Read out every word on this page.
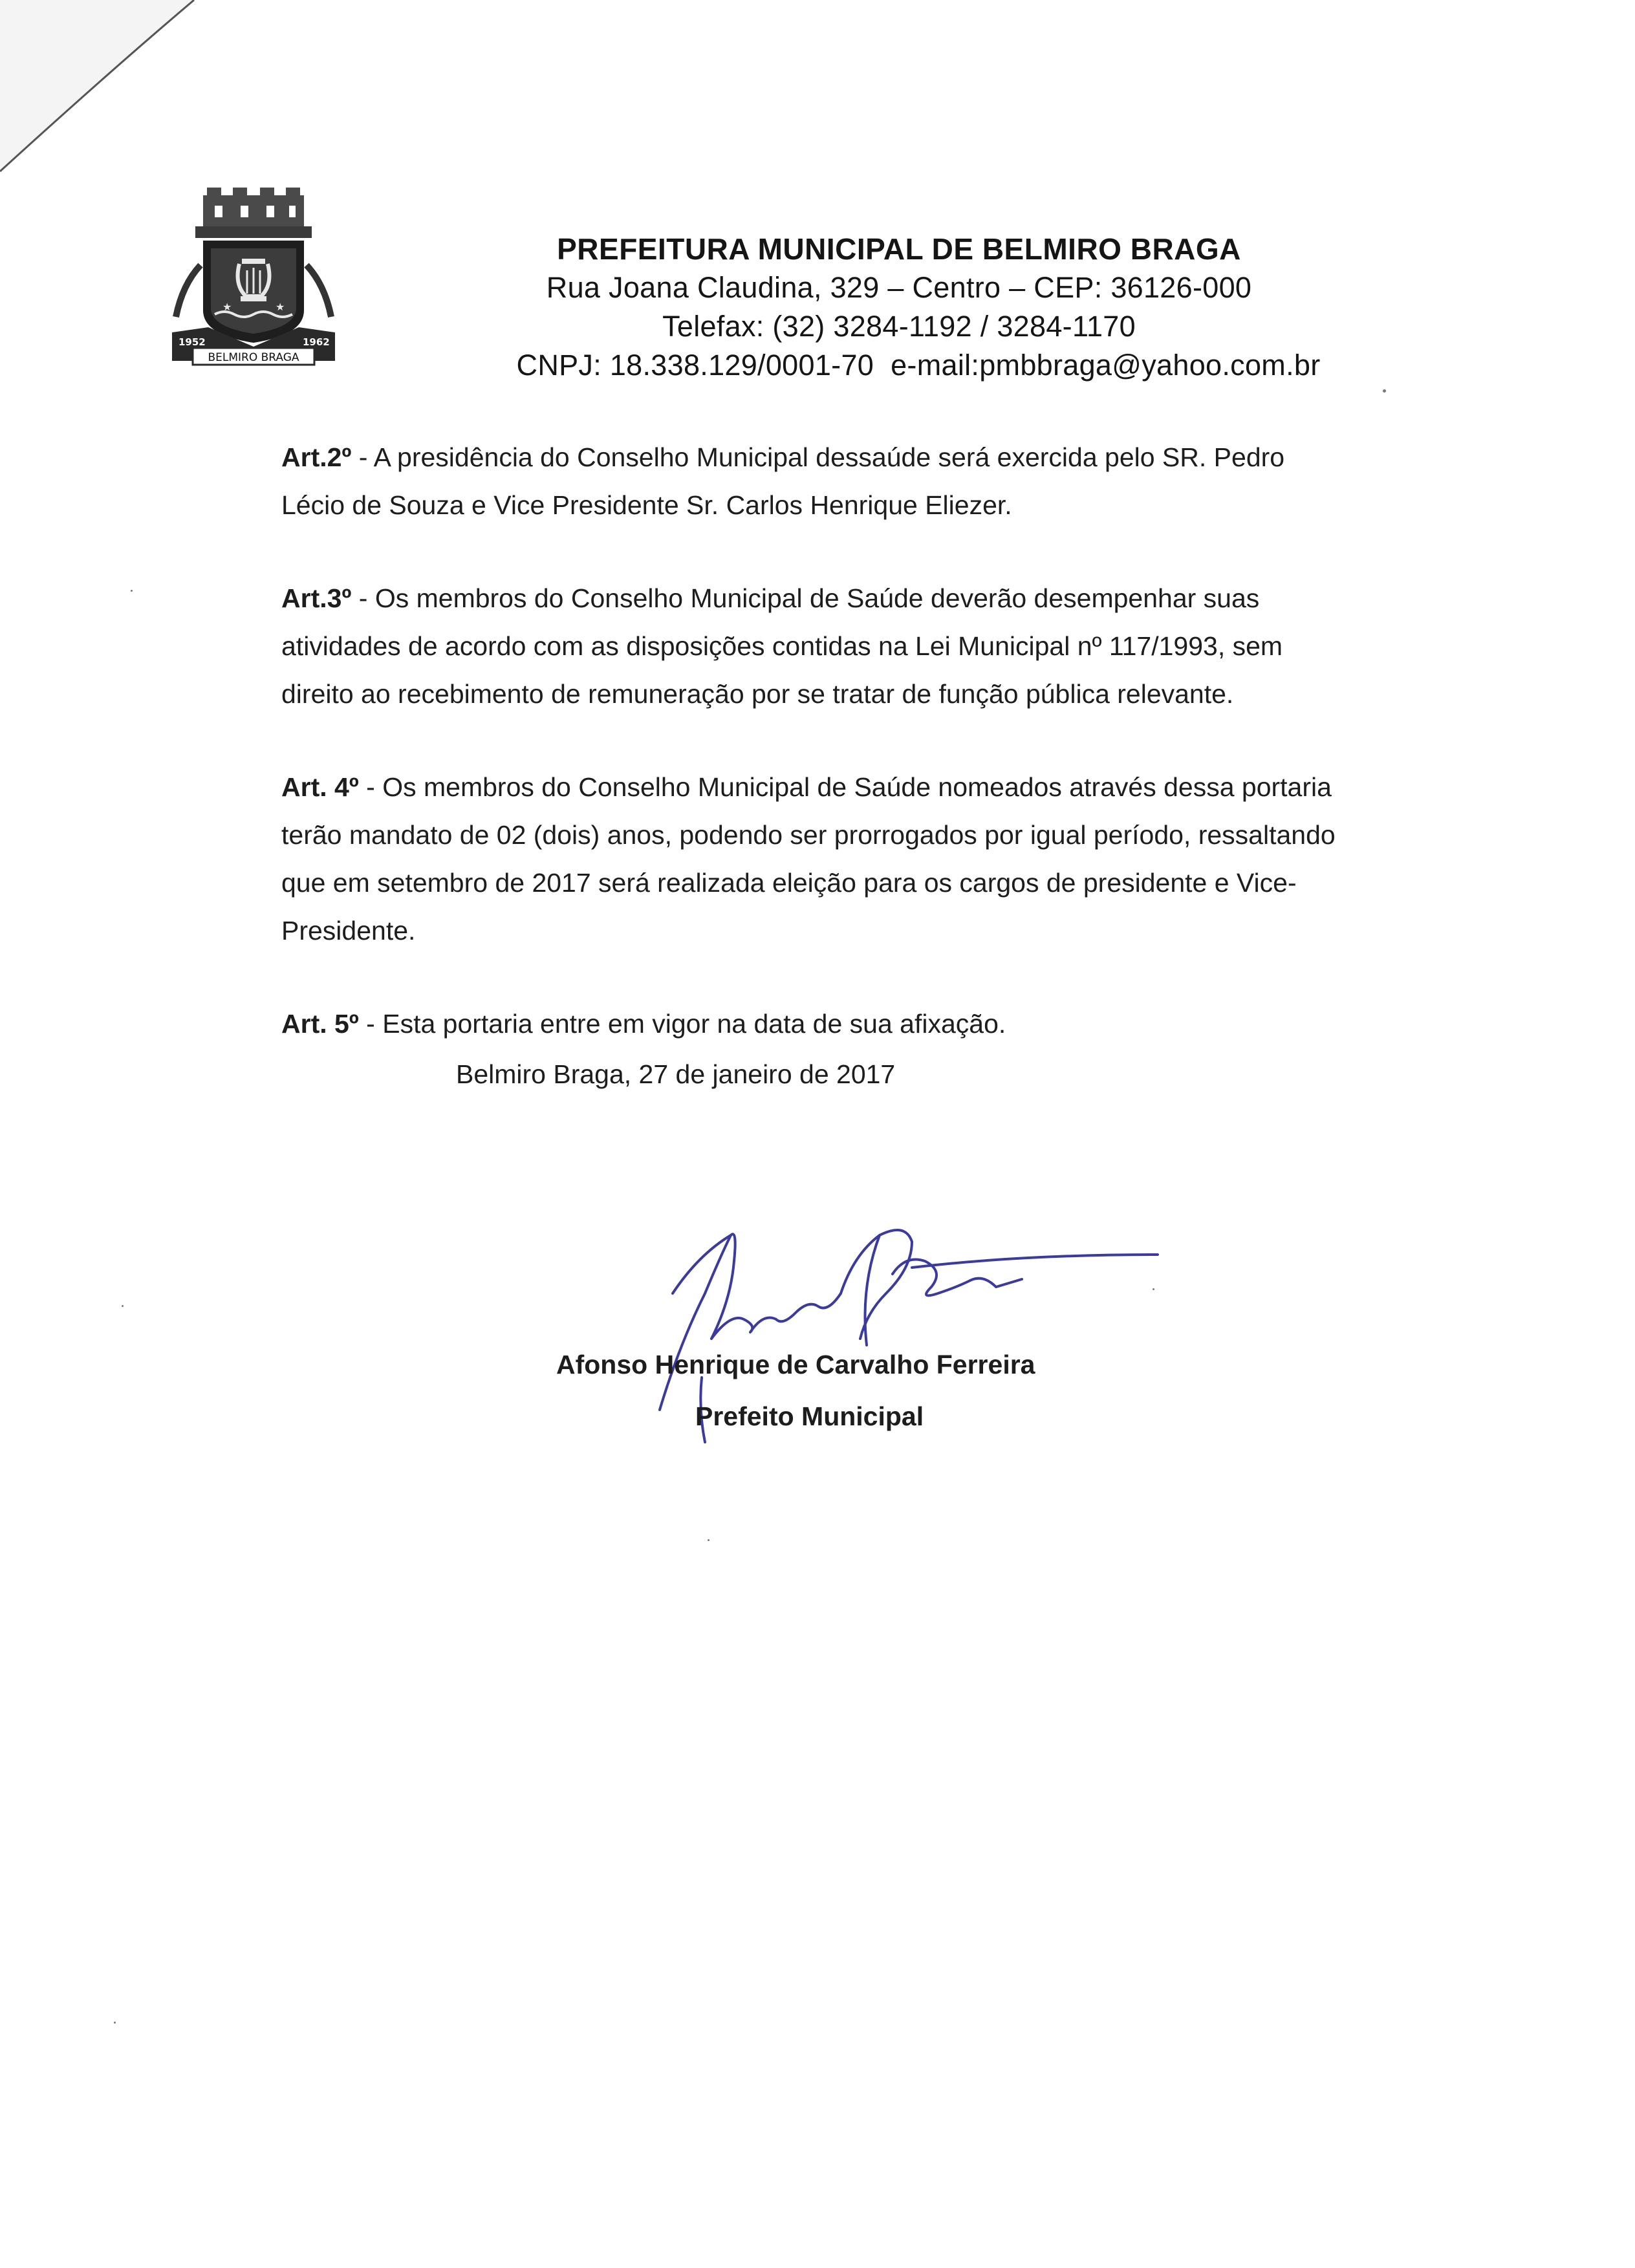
★	★
1952	1962
BELMIRO BRAGA
PREFEITURA MUNICIPAL DE BELMIRO BRAGA
Rua Joana Claudina, 329 – Centro – CEP: 36126-000
Telefax: (32) 3284-1192 / 3284-1170
CNPJ: 18.338.129/0001-70 e-mail:pmbbraga@yahoo.com.br

Art.2º - A presidência do Conselho Municipal dessaúde será exercida pelo SR. Pedro Lécio de Souza e Vice Presidente Sr. Carlos Henrique Eliezer.

Art.3º - Os membros do Conselho Municipal de Saúde deverão desempenhar suas atividades de acordo com as disposições contidas na Lei Municipal nº 117/1993, sem direito ao recebimento de remuneração por se tratar de função pública relevante.

Art. 4º - Os membros do Conselho Municipal de Saúde nomeados através dessa portaria terão mandato de 02 (dois) anos, podendo ser prorrogados por igual período, ressaltando que em setembro de 2017 será realizada eleição para os cargos de presidente e Vice-Presidente.

Art. 5º - Esta portaria entre em vigor na data de sua afixação.

Belmiro Braga, 27 de janeiro de 2017
Afonso Henrique de Carvalho Ferreira
Prefeito Municipal
